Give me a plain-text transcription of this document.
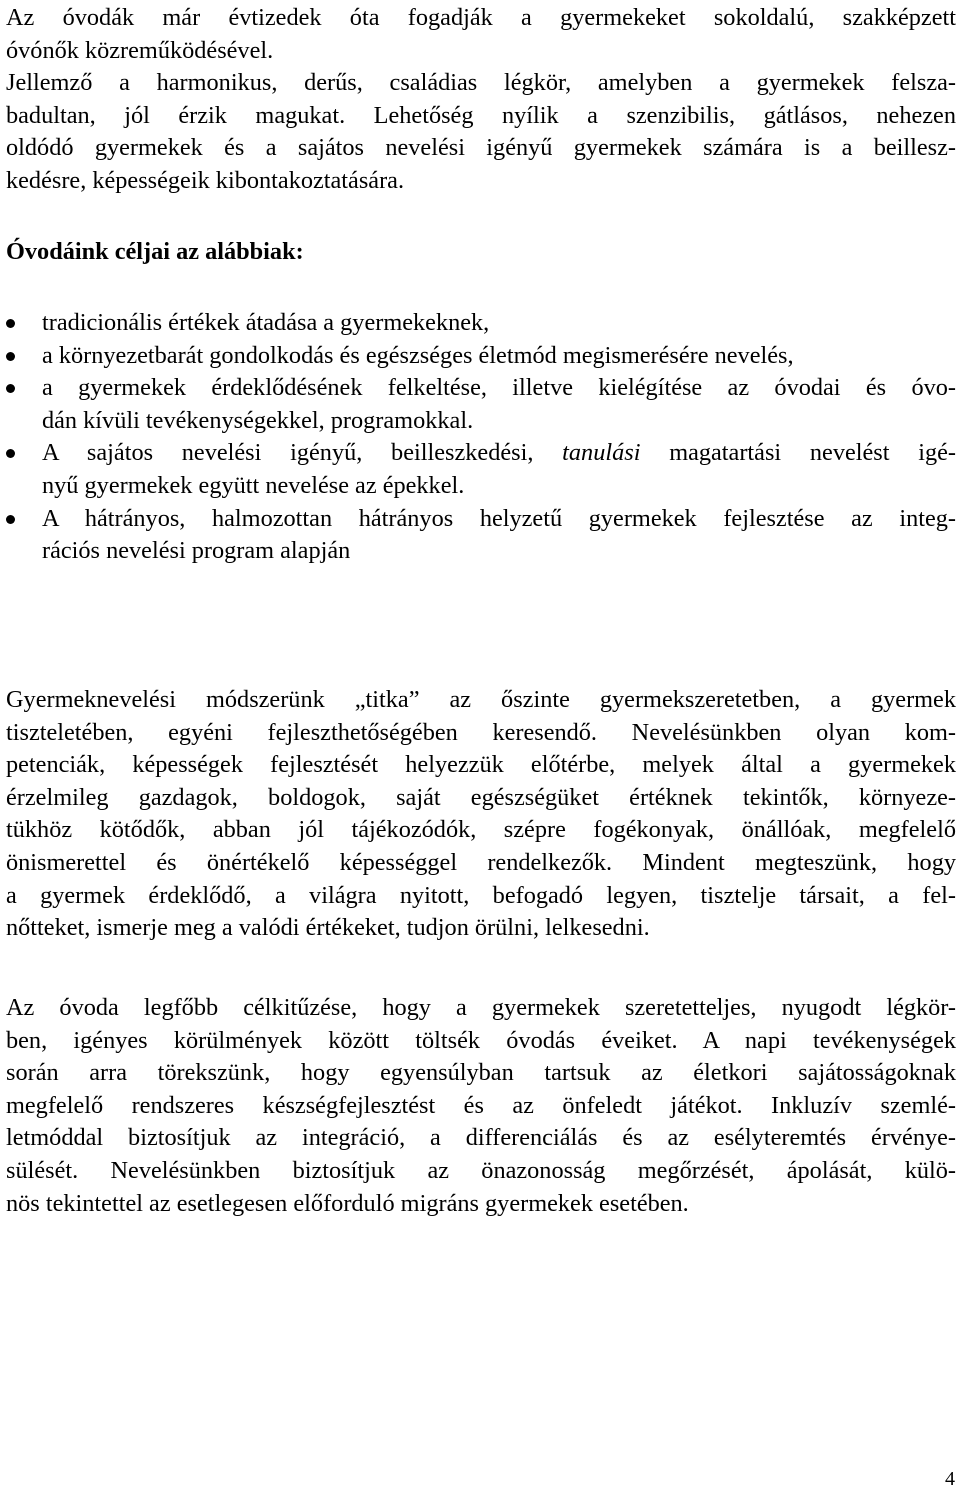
Az óvodák már évtizedek óta fogadják a gyermekeket sokoldalú, szakképzett
óvónők közreműködésével.
Jellemző a harmonikus, derűs, családias légkör, amelyben a gyermekek felsza-
badultan, jól érzik magukat. Lehetőség nyílik a szenzibilis, gátlásos, nehezen
oldódó gyermekek és a sajátos nevelési igényű gyermekek számára is a beillesz-
kedésre, képességeik kibontakoztatására.
Óvodáink céljai az alábbiak:
tradicionális értékek átadása a gyermekeknek,
a környezetbarát gondolkodás és egészséges életmód megismerésére nevelés,
a gyermekek érdeklődésének felkeltése, illetve kielégítése az óvodai és óvo-
dán kívüli tevékenységekkel, programokkal.
A sajátos nevelési igényű, beilleszkedési, tanulási magatartási nevelést igé-
nyű gyermekek együtt nevelése az épekkel.
A hátrányos, halmozottan hátrányos helyzetű gyermekek fejlesztése az integ-
rációs nevelési program alapján
Gyermeknevelési módszerünk „titka” az őszinte gyermekszeretetben, a gyermek
tiszteletében, egyéni fejleszthetőségében keresendő. Nevelésünkben olyan kom-
petenciák, képességek fejlesztését helyezzük előtérbe, melyek által a gyermekek
érzelmileg gazdagok, boldogok, saját egészségüket értéknek tekintők, környeze-
tükhöz kötődők, abban jól tájékozódók, szépre fogékonyak, önállóak, megfelelő
önismerettel és önértékelő képességgel rendelkezők. Mindent megteszünk, hogy
a gyermek érdeklődő, a világra nyitott, befogadó legyen, tisztelje társait, a fel-
nőtteket, ismerje meg a valódi értékeket, tudjon örülni, lelkesedni.
Az óvoda legfőbb célkitűzése, hogy a gyermekek szeretetteljes, nyugodt légkör-
ben, igényes körülmények között töltsék óvodás éveiket. A napi tevékenységek
során arra törekszünk, hogy egyensúlyban tartsuk az életkori sajátosságoknak
megfelelő rendszeres készségfejlesztést és az önfeledt játékot. Inkluzív szemlé-
letmóddal biztosítjuk az integráció, a differenciálás és az esélyteremtés érvénye-
sülését. Nevelésünkben biztosítjuk az önazonosság megőrzését, ápolását, külö-
nös tekintettel az esetlegesen előforduló migráns gyermekek esetében.
4
